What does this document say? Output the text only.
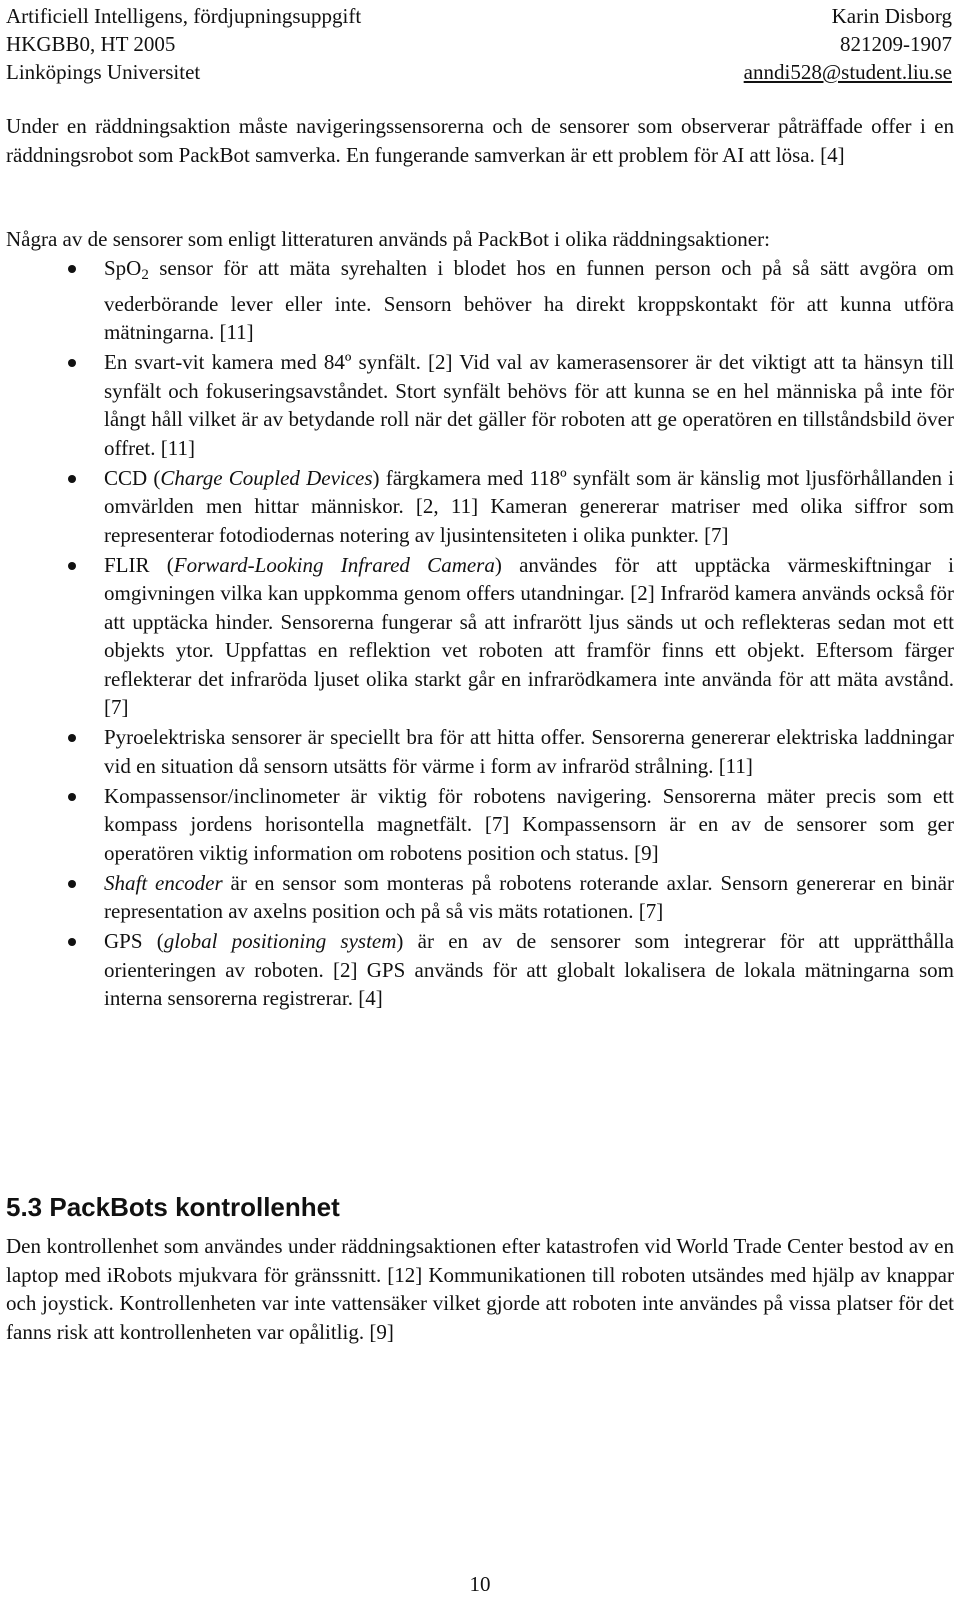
Artificiell Intelligens, fördjupningsuppgift	Karin Disborg
HKGBB0, HT 2005	821209-1907
Linköpings Universitet	anndi528@student.liu.se

Under en räddningsaktion måste navigeringssensorerna och de sensorer som observerar påträffade offer i en räddningsrobot som PackBot samverka. En fungerande samverkan är ett problem för AI att lösa. [4]

Några av de sensorer som enligt litteraturen används på PackBot i olika räddningsaktioner:

SpO$_2$ sensor för att mäta syrehalten i blodet hos en funnen person och på så sätt avgöra om vederbörande lever eller inte. Sensorn behöver ha direkt kroppskontakt för att kunna utföra mätningarna. [11]
En svart-vit kamera med 84º synfält. [2] Vid val av kamerasensorer är det viktigt att ta hänsyn till synfält och fokuseringsavståndet. Stort synfält behövs för att kunna se en hel människa på inte för långt håll vilket är av betydande roll när det gäller för roboten att ge operatören en tillståndsbild över offret. [11]
CCD (Charge Coupled Devices) färgkamera med 118º synfält som är känslig mot ljusförhållanden i omvärlden men hittar människor. [2, 11] Kameran genererar matriser med olika siffror som representerar fotodiodernas notering av ljusintensiteten i olika punkter. [7]
FLIR (Forward-Looking Infrared Camera) användes för att upptäcka värmeskiftningar i omgivningen vilka kan uppkomma genom offers utandningar. [2] Infraröd kamera används också för att upptäcka hinder. Sensorerna fungerar så att infrarött ljus sänds ut och reflekteras sedan mot ett objekts ytor. Uppfattas en reflektion vet roboten att framför finns ett objekt. Eftersom färger reflekterar det infraröda ljuset olika starkt går en infrarödkamera inte använda för att mäta avstånd. [7]
Pyroelektriska sensorer är speciellt bra för att hitta offer. Sensorerna genererar elektriska laddningar vid en situation då sensorn utsätts för värme i form av infraröd strålning. [11]
Kompassensor/inclinometer är viktig för robotens navigering. Sensorerna mäter precis som ett kompass jordens horisontella magnetfält. [7] Kompassensorn är en av de sensorer som ger operatören viktig information om robotens position och status. [9]
Shaft encoder är en sensor som monteras på robotens roterande axlar. Sensorn genererar en binär representation av axelns position och på så vis mäts rotationen. [7]
GPS (global positioning system) är en av de sensorer som integrerar för att upprätthålla orienteringen av roboten. [2] GPS används för att globalt lokalisera de lokala mätningarna som interna sensorerna registrerar. [4]
5.3 PackBots kontrollenhet

Den kontrollenhet som användes under räddningsaktionen efter katastrofen vid World Trade Center bestod av en laptop med iRobots mjukvara för gränssnitt. [12] Kommunikationen till roboten utsändes med hjälp av knappar och joystick. Kontrollenheten var inte vattensäker vilket gjorde att roboten inte användes på vissa platser för det fanns risk att kontrollenheten var opålitlig. [9]

10
